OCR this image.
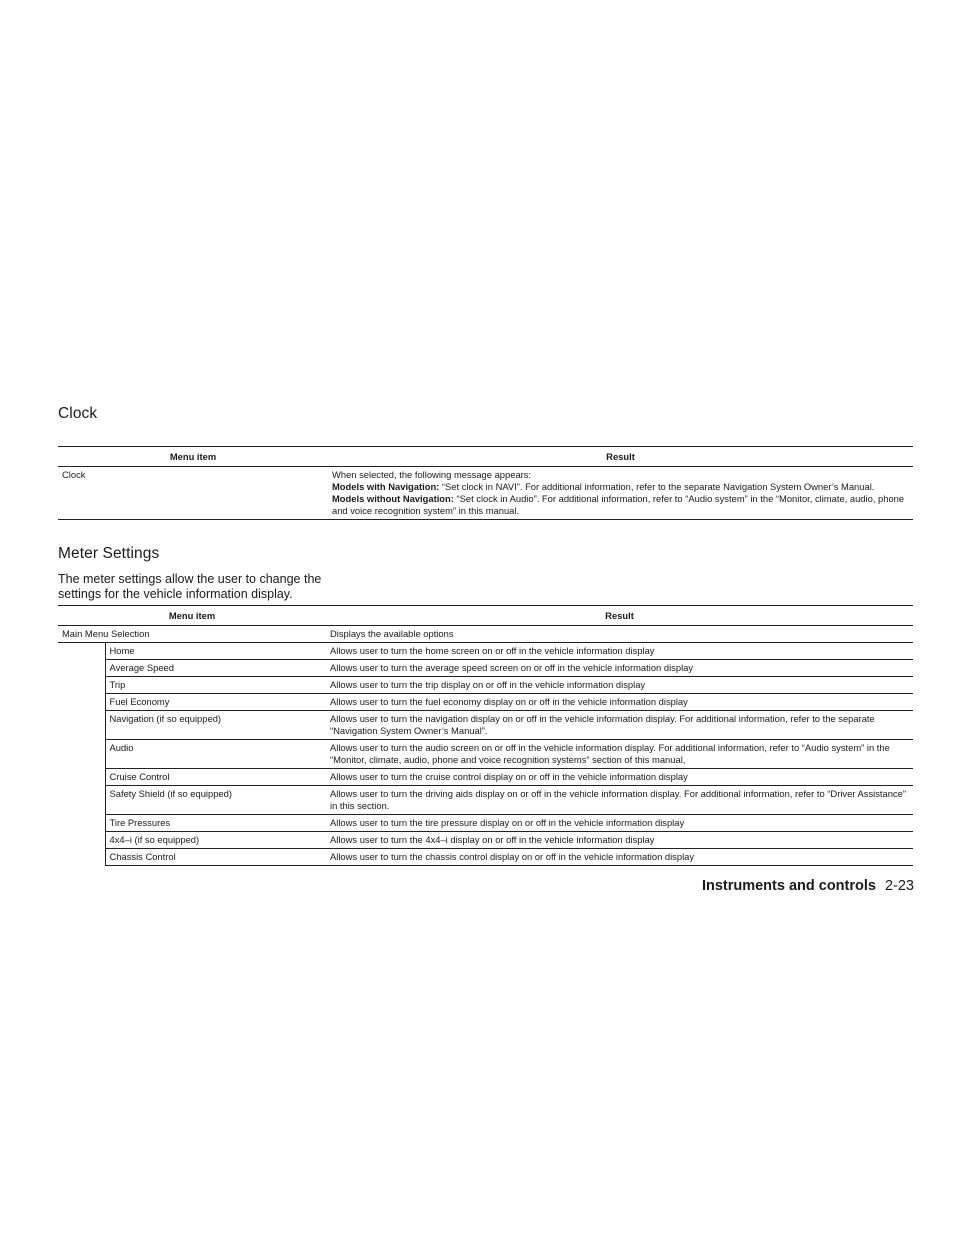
Clock
Menu item	Result
Clock	When selected, the following message appears:
Models with Navigation: “Set clock in NAVI”. For additional information, refer to the separate Navigation System Owner’s Manual.
Models without Navigation: “Set clock in Audio”. For additional information, refer to “Audio system” in the “Monitor, climate, audio, phone and voice recognition system” in this manual.
Meter Settings

The meter settings allow the user to change the settings for the vehicle information display.

Menu item		Result
Main Menu Selection		Displays the available options
	Home	Allows user to turn the home screen on or off in the vehicle information display
	Average Speed	Allows user to turn the average speed screen on or off in the vehicle information display
	Trip	Allows user to turn the trip display on or off in the vehicle information display
	Fuel Economy	Allows user to turn the fuel economy display on or off in the vehicle information display
	Navigation (if so equipped)	Allows user to turn the navigation display on or off in the vehicle information display. For additional information, refer to the separate “Navigation System Owner’s Manual”.
	Audio	Allows user to turn the audio screen on or off in the vehicle information display. For additional information, refer to “Audio system” in the “Monitor, climate, audio, phone and voice recognition systems” section of this manual,
	Cruise Control	Allows user to turn the cruise control display on or off in the vehicle information display
	Safety Shield (if so equipped)	Allows user to turn the driving aids display on or off in the vehicle information display. For additional information, refer to “Driver Assistance” in this section.
	Tire Pressures	Allows user to turn the tire pressure display on or off in the vehicle information display
	4x4–i (if so equipped)	Allows user to turn the 4x4–i display on or off in the vehicle information display
	Chassis Control	Allows user to turn the chassis control display on or off in the vehicle information display
Instruments and controls 2-23
